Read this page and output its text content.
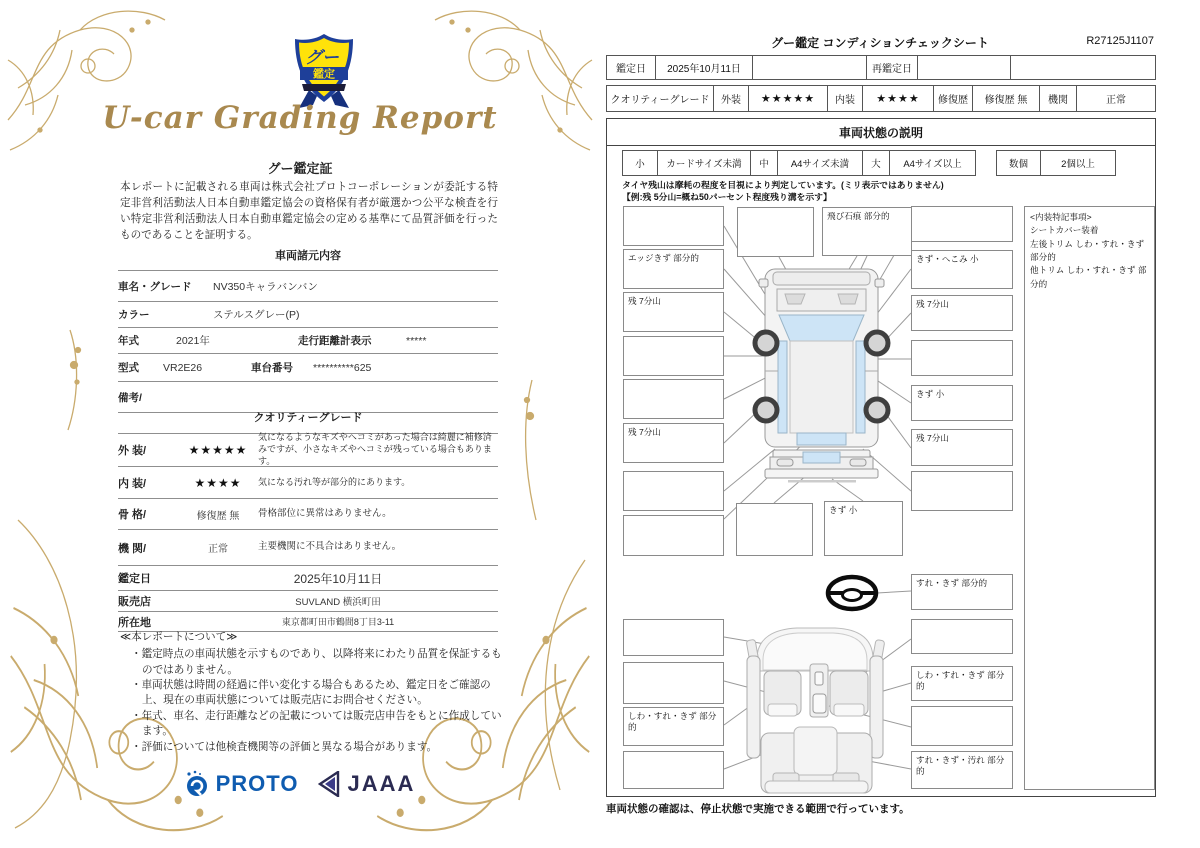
グー
鑑定
U-car Grading Report
グー鑑定証
本レポートに記載される車両は株式会社プロトコーポレーションが委託する特定非営利活動法人日本自動車鑑定協会の資格保有者が厳選かつ公平な検査を行い特定非営利活動法人日本自動車鑑定協会の定める基準にて品質評価を行ったものであることを証明する。
車両諸元内容
車名・グレード	NV350キャラバンバン
カラー	ステルスグレー(P)
年式	2021年	走行距離計表示	*****
型式	VR2E26	車台番号	**********625
備考/
クオリティーグレード
外 装/	★★★★★
気になるようなキズやヘコミがあった場合は綺麗に補修済みですが、小さなキズやヘコミが残っている場合もあります。
内 装/	★★★★	気になる汚れ等が部分的にあります。
骨 格/	修復歴 無	骨格部位に異常はありません。
機 関/	正常	主要機関に不具合はありません。
鑑定日	2025年10月11日
販売店	SUVLAND 横浜町田
所在地	東京都町田市鶴間8丁目3-11
≪本レポートについて≫
・鑑定時点の車両状態を示すものであり、以降将来にわたり品質を保証するものではありません。
・車両状態は時間の経過に伴い変化する場合もあるため、鑑定日をご確認の上、現在の車両状態については販売店にお問合せください。
・年式、車名、走行距離などの記載については販売店申告をもとに作成しています。
・評価については他検査機関等の評価と異なる場合があります。
PROTO JAAA
グー鑑定 コンディションチェックシート	R27125J1107
鑑定日	2025年10月11日	再鑑定日
クオリティーグレード	外装	★★★★★	内装	★★★★	修復歴	修復歴 無	機関	正常
車両状態の説明
小	カードサイズ未満	中	A4サイズ未満	大	A4サイズ以上	数個	2個以上
タイヤ残山は摩耗の程度を目視により判定しています。(ミリ表示ではありません)
【例:残 5分山=概ね50パーセント程度残り溝を示す】
エッジきず 部分的
残 7分山
残 7分山
飛び石痕 部分的
きず・へこみ 小
残 7分山
きず 小
残 7分山
きず 小
すれ・きず 部分的
しわ・すれ・きず 部分的
しわ・すれ・きず 部分的
すれ・きず・汚れ 部分的
<内装特記事項>
シートカバー装着
左後トリム しわ・すれ・きず 部分的
他トリム しわ・すれ・きず 部分的
車両状態の確認は、停止状態で実施できる範囲で行っています。
